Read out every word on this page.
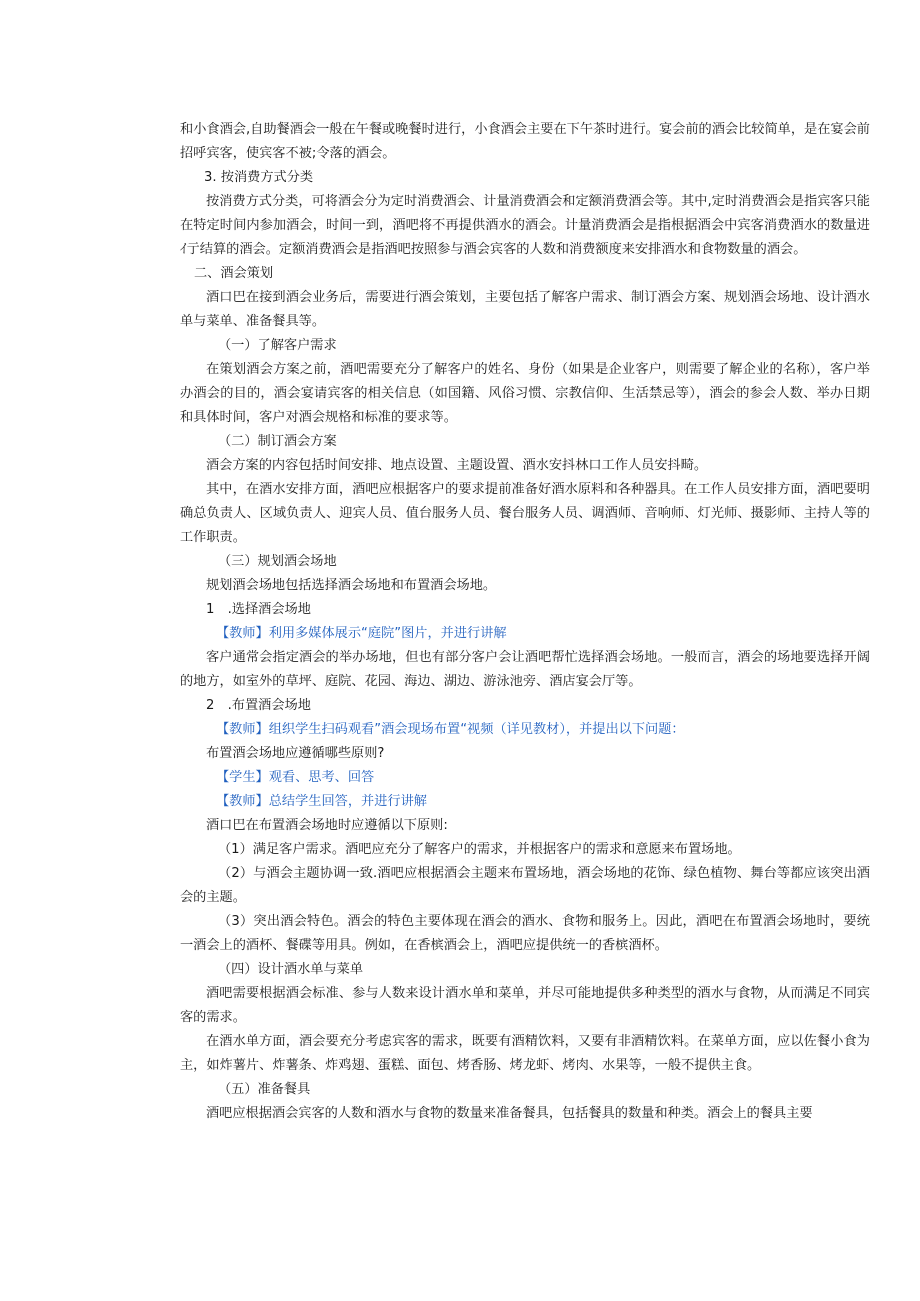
和小食酒会,自助餐酒会一般在午餐或晚餐时进行，小食酒会主要在下午茶时进行。宴会前的酒会比较简单，是在宴会前招呼宾客，使宾客不被;令落的酒会。

3. 按消费方式分类

按消费方式分类，可将酒会分为定时消费酒会、计量消费酒会和定额消费酒会等。其中,定时消费酒会是指宾客只能在特定时间内参加酒会，时间一到，酒吧将不再提供酒水的酒会。计量消费酒会是指根据酒会中宾客消费酒水的数量进ｲ亍结算的酒会。定额消费酒会是指酒吧按照参与酒会宾客的人数和消费额度来安排酒水和食物数量的酒会。

二、酒会策划

酒口巴在接到酒会业务后，需要进行酒会策划，主要包括了解客户需求、制订酒会方案、规划酒会场地、设计酒水单与菜单、准备餐具等。

（一）了解客户需求

在策划酒会方案之前，酒吧需要充分了解客户的姓名、身份（如果是企业客户，则需要了解企业的名称），客户举办酒会的目的，酒会宴请宾客的相关信息（如国籍、风俗习惯、宗教信仰、生活禁忌等），酒会的参会人数、举办日期和具体时间，客户对酒会规格和标准的要求等。

（二）制订酒会方案

酒会方案的内容包括时间安排、地点设置、主题设置、酒水安抖林口工作人员安抖畸。

其中，在酒水安排方面，酒吧应根据客户的要求提前准备好酒水原料和各种器具。在工作人员安排方面，酒吧要明确总负责人、区域负责人、迎宾人员、值台服务人员、餐台服务人员、调酒师、音响师、灯光师、摄影师、主持人等的工作职责。

（三）规划酒会场地

规划酒会场地包括选择酒会场地和布置酒会场地。

1　.选择酒会场地

【教师】利用多媒体展示“庭院”图片，并进行讲解

客户通常会指定酒会的举办场地，但也有部分客户会让酒吧帮忙选择酒会场地。一般而言，酒会的场地要选择开阔的地方，如室外的草坪、庭院、花园、海边、湖边、游泳池旁、酒店宴会厅等。

2　.布置酒会场地

【教师】组织学生扫码观看”酒会现场布置“视频（详见教材），并提出以下问题：

布置酒会场地应遵循哪些原则?

【学生】观看、思考、回答

【教师】总结学生回答，并进行讲解

酒口巴在布置酒会场地时应遵循以下原则:

（1）满足客户需求。酒吧应充分了解客户的需求，并根据客户的需求和意愿来布置场地。

（2）与酒会主题协调一致.酒吧应根据酒会主题来布置场地，酒会场地的花饰、绿色植物、舞台等都应该突出酒会的主题。

（3）突出酒会特色。酒会的特色主要体现在酒会的酒水、食物和服务上。因此，酒吧在布置酒会场地时，要统一酒会上的酒杯、餐碟等用具。例如，在香槟酒会上，酒吧应提供统一的香槟酒杯。

（四）设计酒水单与菜单

酒吧需要根据酒会标准、参与人数来设计酒水单和菜单，并尽可能地提供多种类型的酒水与食物，从而满足不同宾客的需求。

在酒水单方面，酒会要充分考虑宾客的需求，既要有酒精饮料，又要有非酒精饮料。在菜单方面，应以佐餐小食为主，如炸薯片、炸薯条、炸鸡翅、蛋糕、面包、烤香肠、烤龙虾、烤肉、水果等，一般不提供主食。

（五）准备餐具

酒吧应根据酒会宾客的人数和酒水与食物的数量来准备餐具，包括餐具的数量和种类。酒会上的餐具主要
